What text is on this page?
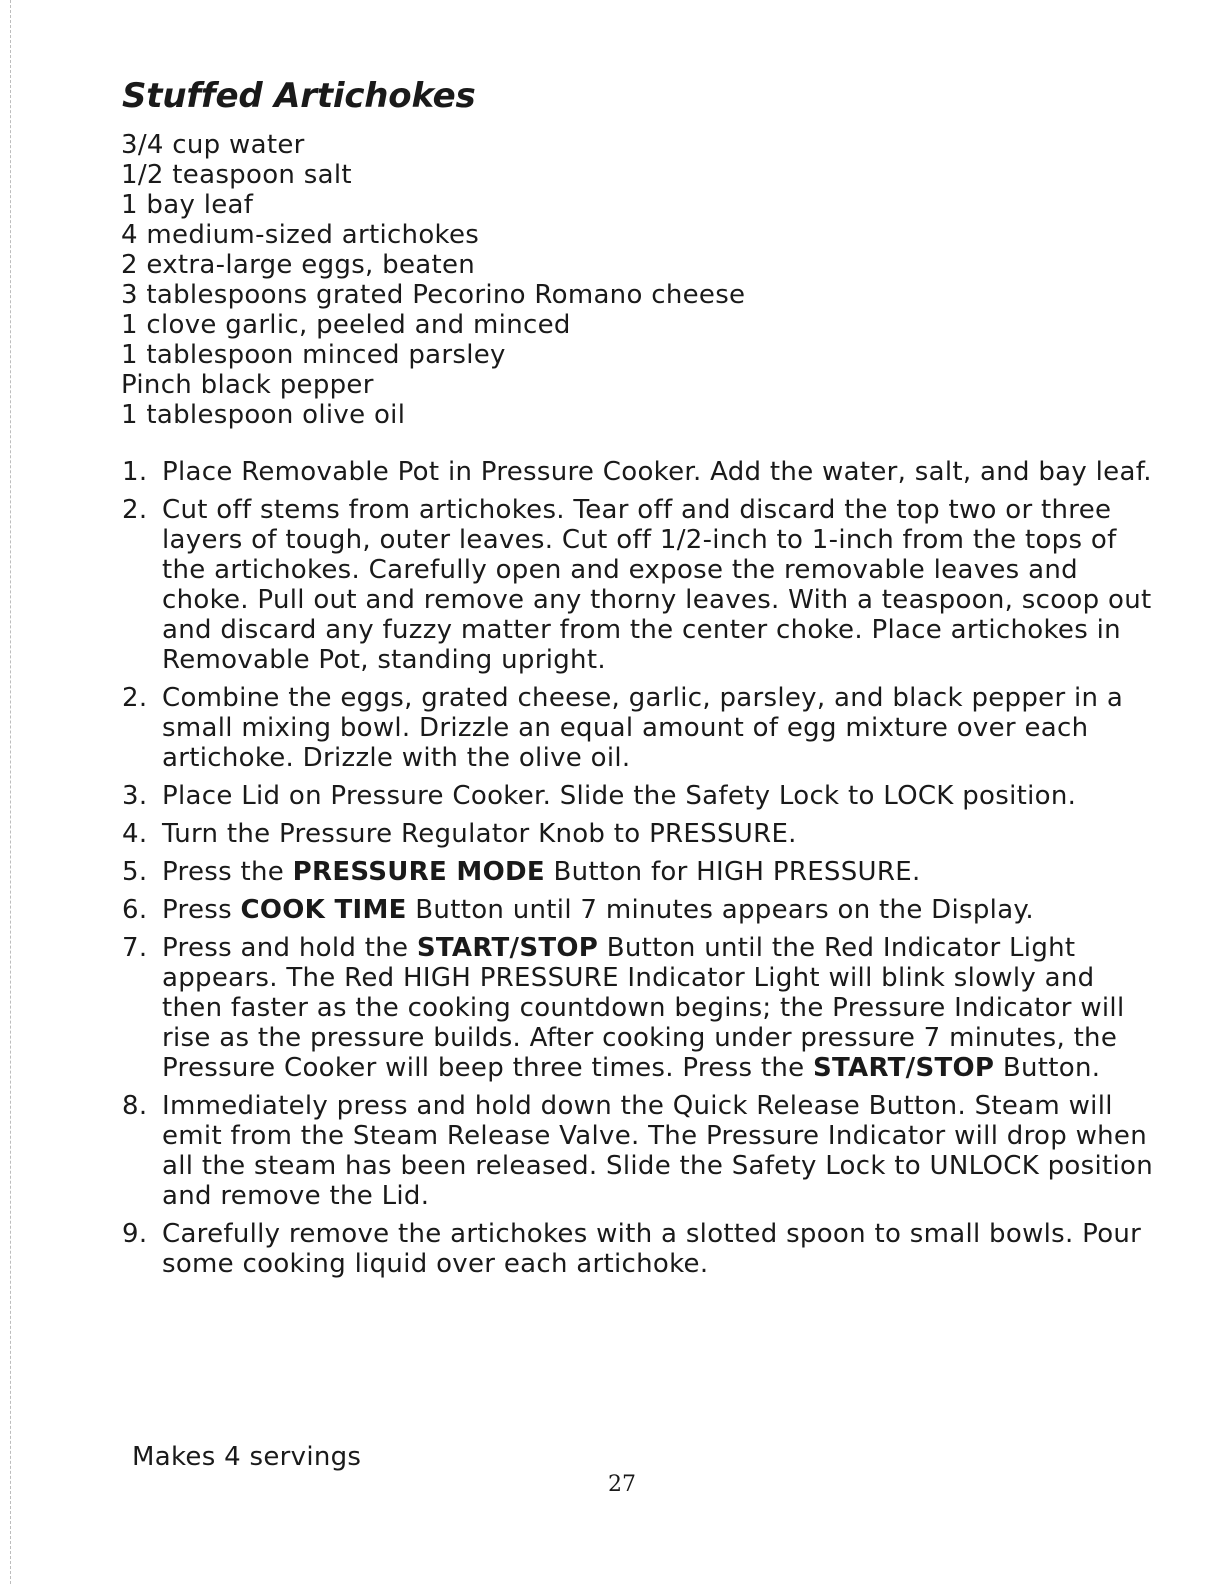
Stuffed Artichokes
3/4 cup water
1/2 teaspoon salt
1 bay leaf
4 medium-sized artichokes
2 extra-large eggs, beaten
3 tablespoons grated Pecorino Romano cheese
1 clove garlic, peeled and minced
1 tablespoon minced parsley
Pinch black pepper
1 tablespoon olive oil
1. Place Removable Pot in Pressure Cooker. Add the water, salt, and bay leaf.
2. Cut off stems from artichokes. Tear off and discard the top two or three layers of tough, outer leaves. Cut off 1/2-inch to 1-inch from the tops of the artichokes. Carefully open and expose the removable leaves and choke. Pull out and remove any thorny leaves. With a teaspoon, scoop out and discard any fuzzy matter from the center choke. Place artichokes in Removable Pot, standing upright.
2. Combine the eggs, grated cheese, garlic, parsley, and black pepper in a small mixing bowl. Drizzle an equal amount of egg mixture over each artichoke. Drizzle with the olive oil.
3. Place Lid on Pressure Cooker. Slide the Safety Lock to LOCK position.
4. Turn the Pressure Regulator Knob to PRESSURE.
5. Press the PRESSURE MODE Button for HIGH PRESSURE.
6. Press COOK TIME Button until 7 minutes appears on the Display.
7. Press and hold the START/STOP Button until the Red Indicator Light appears. The Red HIGH PRESSURE Indicator Light will blink slowly and then faster as the cooking countdown begins; the Pressure Indicator will rise as the pressure builds. After cooking under pressure 7 minutes, the Pressure Cooker will beep three times. Press the START/STOP Button.
8. Immediately press and hold down the Quick Release Button. Steam will emit from the Steam Release Valve. The Pressure Indicator will drop when all the steam has been released. Slide the Safety Lock to UNLOCK position and remove the Lid.
9. Carefully remove the artichokes with a slotted spoon to small bowls. Pour some cooking liquid over each artichoke.

Makes 4 servings

27
